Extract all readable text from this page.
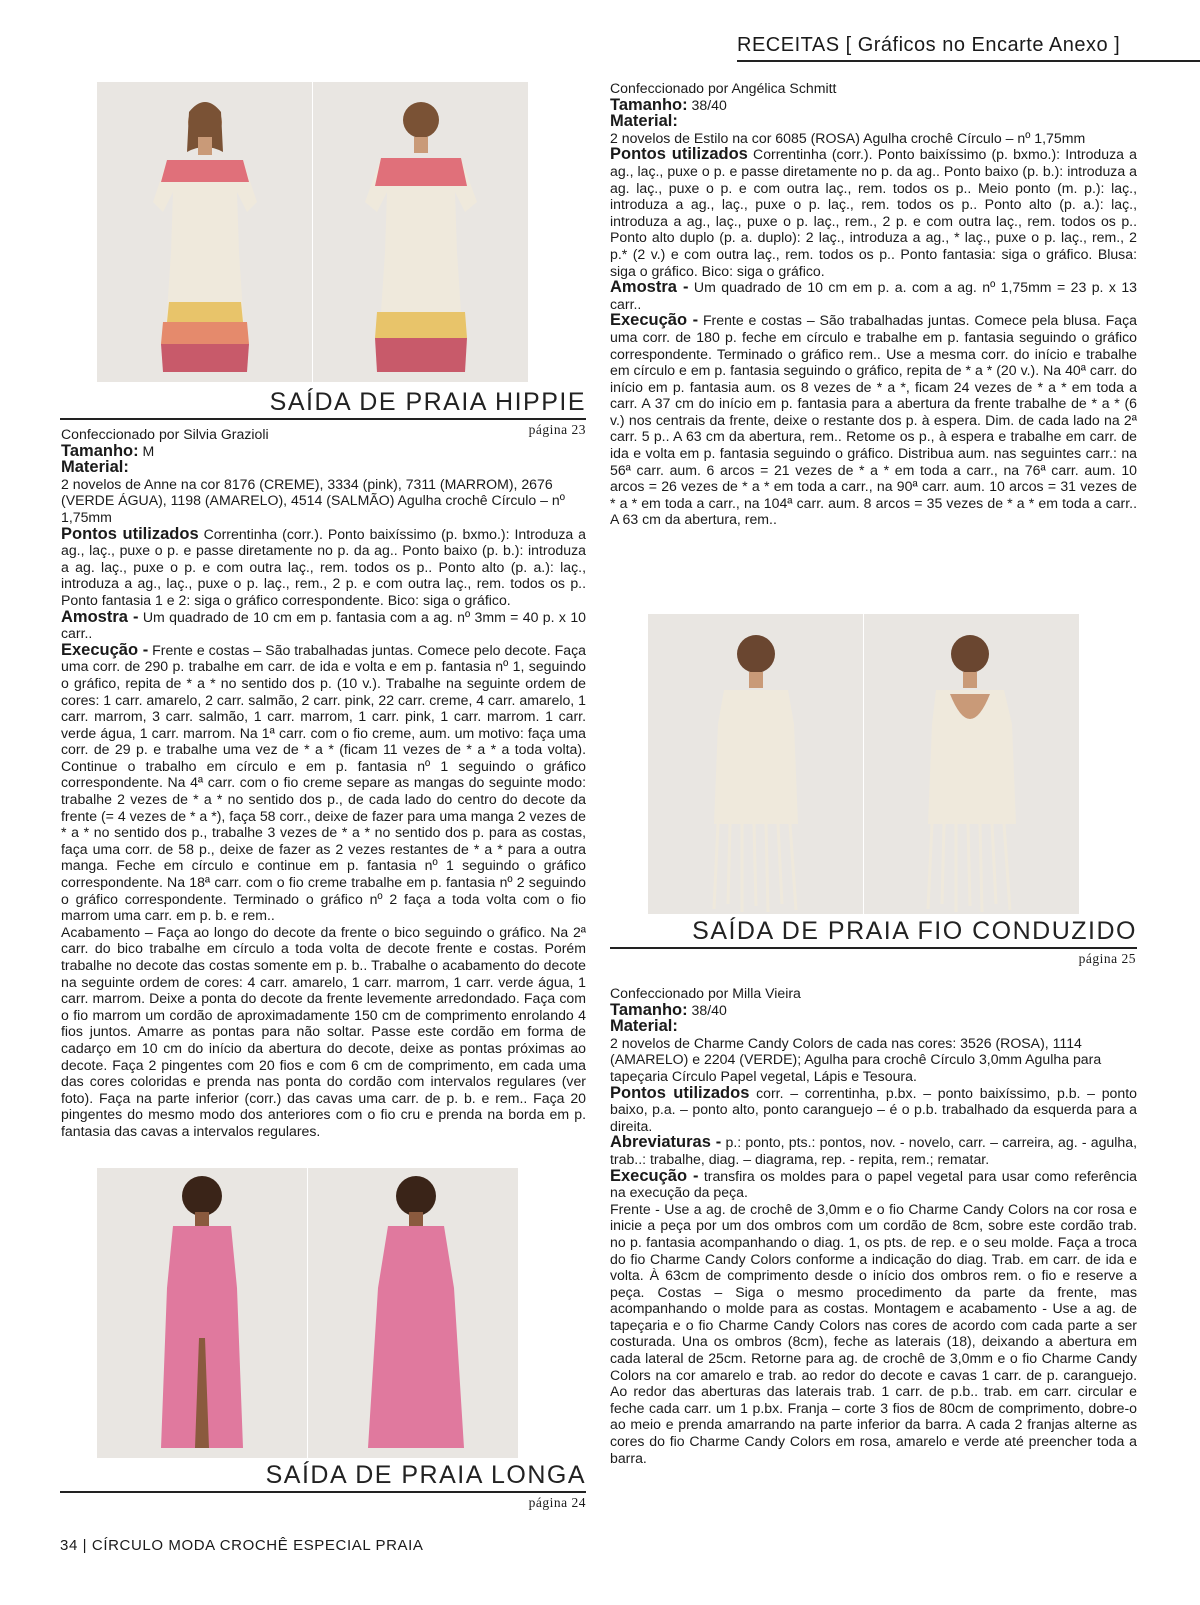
RECEITAS [ Gráficos no Encarte Anexo ]
SAÍDA DE PRAIA HIPPIE
página 23

Confeccionado por Silvia Grazioli

Tamanho: M

Material:

2 novelos de Anne na cor 8176 (CREME), 3334 (pink), 7311 (MARROM), 2676 (VERDE ÁGUA), 1198 (AMARELO), 4514 (SALMÃO) Agulha crochê Círculo – nº 1,75mm

Pontos utilizados Correntinha (corr.). Ponto baixíssimo (p. bxmo.): Introduza a ag., laç., puxe o p. e passe diretamente no p. da ag.. Ponto baixo (p. b.): introduza a ag. laç., puxe o p. e com outra laç., rem. todos os p.. Ponto alto (p. a.): laç., introduza a ag., laç., puxe o p. laç., rem., 2 p. e com outra laç., rem. todos os p.. Ponto fantasia 1 e 2: siga o gráfico correspondente. Bico: siga o gráfico.

Amostra - Um quadrado de 10 cm em p. fantasia com a ag. nº 3mm = 40 p. x 10 carr..

Execução - Frente e costas – São trabalhadas juntas. Comece pelo decote. Faça uma corr. de 290 p. trabalhe em carr. de ida e volta e em p. fantasia nº 1, seguindo o gráfico, repita de * a * no sentido dos p. (10 v.). Trabalhe na seguinte ordem de cores: 1 carr. amarelo, 2 carr. salmão, 2 carr. pink, 22 carr. creme, 4 carr. amarelo, 1 carr. marrom, 3 carr. salmão, 1 carr. marrom, 1 carr. pink, 1 carr. marrom. 1 carr. verde água, 1 carr. marrom. Na 1ª carr. com o fio creme, aum. um motivo: faça uma corr. de 29 p. e trabalhe uma vez de * a * (ficam 11 vezes de * a * a toda volta). Continue o trabalho em círculo e em p. fantasia nº 1 seguindo o gráfico correspondente. Na 4ª carr. com o fio creme separe as mangas do seguinte modo: trabalhe 2 vezes de * a * no sentido dos p., de cada lado do centro do decote da frente (= 4 vezes de * a *), faça 58 corr., deixe de fazer para uma manga 2 vezes de * a * no sentido dos p., trabalhe 3 vezes de * a * no sentido dos p. para as costas, faça uma corr. de 58 p., deixe de fazer as 2 vezes restantes de * a * para a outra manga. Feche em círculo e continue em p. fantasia nº 1 seguindo o gráfico correspondente. Na 18ª carr. com o fio creme trabalhe em p. fantasia nº 2 seguindo o gráfico correspondente. Terminado o gráfico nº 2 faça a toda volta com o fio marrom uma carr. em p. b. e rem..

Acabamento – Faça ao longo do decote da frente o bico seguindo o gráfico. Na 2ª carr. do bico trabalhe em círculo a toda volta de decote frente e costas. Porém trabalhe no decote das costas somente em p. b.. Trabalhe o acabamento do decote na seguinte ordem de cores: 4 carr. amarelo, 1 carr. marrom, 1 carr. verde água, 1 carr. marrom. Deixe a ponta do decote da frente levemente arredondado. Faça com o fio marrom um cordão de aproximadamente 150 cm de comprimento enrolando 4 fios juntos. Amarre as pontas para não soltar. Passe este cordão em forma de cadarço em 10 cm do início da abertura do decote, deixe as pontas próximas ao decote. Faça 2 pingentes com 20 fios e com 6 cm de comprimento, em cada uma das cores coloridas e prenda nas ponta do cordão com intervalos regulares (ver foto). Faça na parte inferior (corr.) das cavas uma carr. de p. b. e rem.. Faça 20 pingentes do mesmo modo dos anteriores com o fio cru e prenda na borda em p. fantasia das cavas a intervalos regulares.

SAÍDA DE PRAIA LONGA
página 24

Confeccionado por Angélica Schmitt

Tamanho: 38/40

Material:

2 novelos de Estilo na cor 6085 (ROSA) Agulha crochê Círculo – nº 1,75mm

Pontos utilizados Correntinha (corr.). Ponto baixíssimo (p. bxmo.): Introduza a ag., laç., puxe o p. e passe diretamente no p. da ag.. Ponto baixo (p. b.): introduza a ag. laç., puxe o p. e com outra laç., rem. todos os p.. Meio ponto (m. p.): laç., introduza a ag., laç., puxe o p. laç., rem. todos os p.. Ponto alto (p. a.): laç., introduza a ag., laç., puxe o p. laç., rem., 2 p. e com outra laç., rem. todos os p.. Ponto alto duplo (p. a. duplo): 2 laç., introduza a ag., * laç., puxe o p. laç., rem., 2 p.* (2 v.) e com outra laç., rem. todos os p.. Ponto fantasia: siga o gráfico. Blusa: siga o gráfico. Bico: siga o gráfico.

Amostra - Um quadrado de 10 cm em p. a. com a ag. nº 1,75mm = 23 p. x 13 carr..

Execução - Frente e costas – São trabalhadas juntas. Comece pela blusa. Faça uma corr. de 180 p. feche em círculo e trabalhe em p. fantasia seguindo o gráfico correspondente. Terminado o gráfico rem.. Use a mesma corr. do início e trabalhe em círculo e em p. fantasia seguindo o gráfico, repita de * a * (20 v.). Na 40ª carr. do início em p. fantasia aum. os 8 vezes de * a *, ficam 24 vezes de * a * em toda a carr. A 37 cm do início em p. fantasia para a abertura da frente trabalhe de * a * (6 v.) nos centrais da frente, deixe o restante dos p. à espera. Dim. de cada lado na 2ª carr. 5 p.. A 63 cm da abertura, rem.. Retome os p., à espera e trabalhe em carr. de ida e volta em p. fantasia seguindo o gráfico. Distribua aum. nas seguintes carr.: na 56ª carr. aum. 6 arcos = 21 vezes de * a * em toda a carr., na 76ª carr. aum. 10 arcos = 26 vezes de * a * em toda a carr., na 90ª carr. aum. 10 arcos = 31 vezes de * a * em toda a carr., na 104ª carr. aum. 8 arcos = 35 vezes de * a * em toda a carr.. A 63 cm da abertura, rem..

SAÍDA DE PRAIA FIO CONDUZIDO
página 25

Confeccionado por Milla Vieira

Tamanho: 38/40

Material:

2 novelos de Charme Candy Colors de cada nas cores: 3526 (ROSA), 1114 (AMARELO) e 2204 (VERDE); Agulha para crochê Círculo 3,0mm Agulha para tapeçaria Círculo Papel vegetal, Lápis e Tesoura.

Pontos utilizados corr. – correntinha, p.bx. – ponto baixíssimo, p.b. – ponto baixo, p.a. – ponto alto, ponto caranguejo – é o p.b. trabalhado da esquerda para a direita.

Abreviaturas - p.: ponto, pts.: pontos, nov. - novelo, carr. – carreira, ag. - agulha, trab..: trabalhe, diag. – diagrama, rep. - repita, rem.; rematar.

Execução - transfira os moldes para o papel vegetal para usar como referência na execução da peça.

Frente - Use a ag. de crochê de 3,0mm e o fio Charme Candy Colors na cor rosa e inicie a peça por um dos ombros com um cordão de 8cm, sobre este cordão trab. no p. fantasia acompanhando o diag. 1, os pts. de rep. e o seu molde. Faça a troca do fio Charme Candy Colors conforme a indicação do diag. Trab. em carr. de ida e volta. À 63cm de comprimento desde o início dos ombros rem. o fio e reserve a peça. Costas – Siga o mesmo procedimento da parte da frente, mas acompanhando o molde para as costas. Montagem e acabamento - Use a ag. de tapeçaria e o fio Charme Candy Colors nas cores de acordo com cada parte a ser costurada. Una os ombros (8cm), feche as laterais (18), deixando a abertura em cada lateral de 25cm. Retorne para ag. de crochê de 3,0mm e o fio Charme Candy Colors na cor amarelo e trab. ao redor do decote e cavas 1 carr. de p. caranguejo. Ao redor das aberturas das laterais trab. 1 carr. de p.b.. trab. em carr. circular e feche cada carr. um 1 p.bx. Franja – corte 3 fios de 80cm de comprimento, dobre-o ao meio e prenda amarrando na parte inferior da barra. A cada 2 franjas alterne as cores do fio Charme Candy Colors em rosa, amarelo e verde até preencher toda a barra.

34 | CÍRCULO MODA CROCHÊ ESPECIAL PRAIA
